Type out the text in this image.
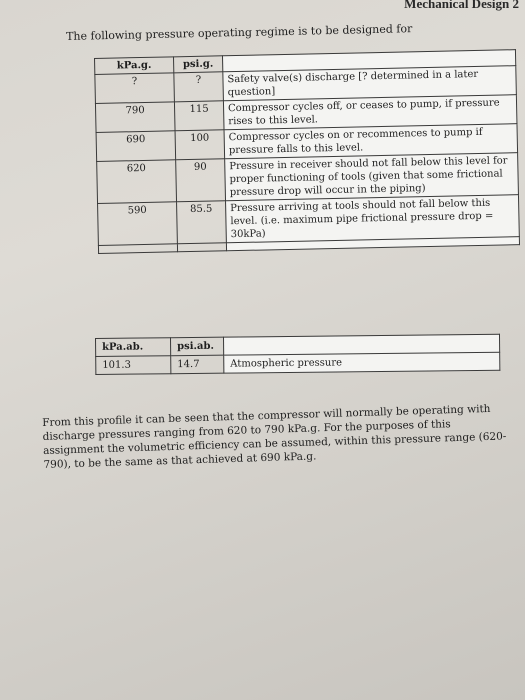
Mechanical Design 2
The following pressure operating regime is to be designed for
kPa.g.	psi.g.	
?	?	Safety valve(s) discharge [? determined in a later question]
790	115	Compressor cycles off, or ceases to pump, if pressure rises to this level.
690	100	Compressor cycles on or recommences to pump if pressure falls to this level.
620	90	Pressure in receiver should not fall below this level for proper functioning of tools (given that some frictional pressure drop will occur in the piping)
590	85.5	Pressure arriving at tools should not fall below this level. (i.e. maximum pipe frictional pressure drop = 30kPa)

kPa.ab.	psi.ab.	
101.3	14.7	Atmospheric pressure
From this profile it can be seen that the compressor will normally be operating with discharge pressures ranging from 620 to 790 kPa.g. For the purposes of this assignment the volumetric efficiency can be assumed, within this pressure range (620-790), to be the same as that achieved at 690 kPa.g.
